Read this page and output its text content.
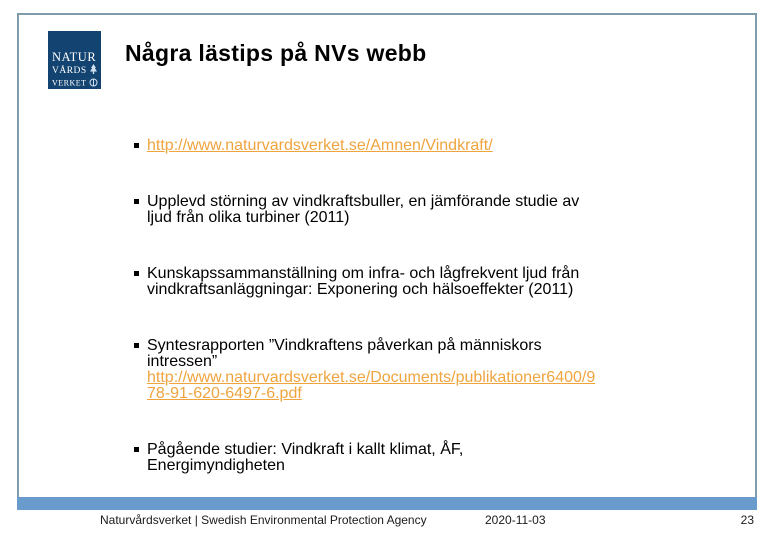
NATUR
VÅRDS
VERKET
Några lästips på NVs webb
http://www.naturvardsverket.se/Amnen/Vindkraft/
Upplevd störning av vindkraftsbuller, en jämförande studie av
ljud från olika turbiner (2011)
Kunskapssammanställning om infra- och lågfrekvent ljud från
vindkraftsanläggningar: Exponering och hälsoeffekter (2011)
Syntesrapporten ”Vindkraftens påverkan på människors
intressen”
http://www.naturvardsverket.se/Documents/publikationer6400/9
78-91-620-6497-6.pdf
Pågående studier: Vindkraft i kallt klimat, ÅF,
Energimyndigheten
Naturvårdsverket | Swedish Environmental Protection Agency	2020-11-03	23
